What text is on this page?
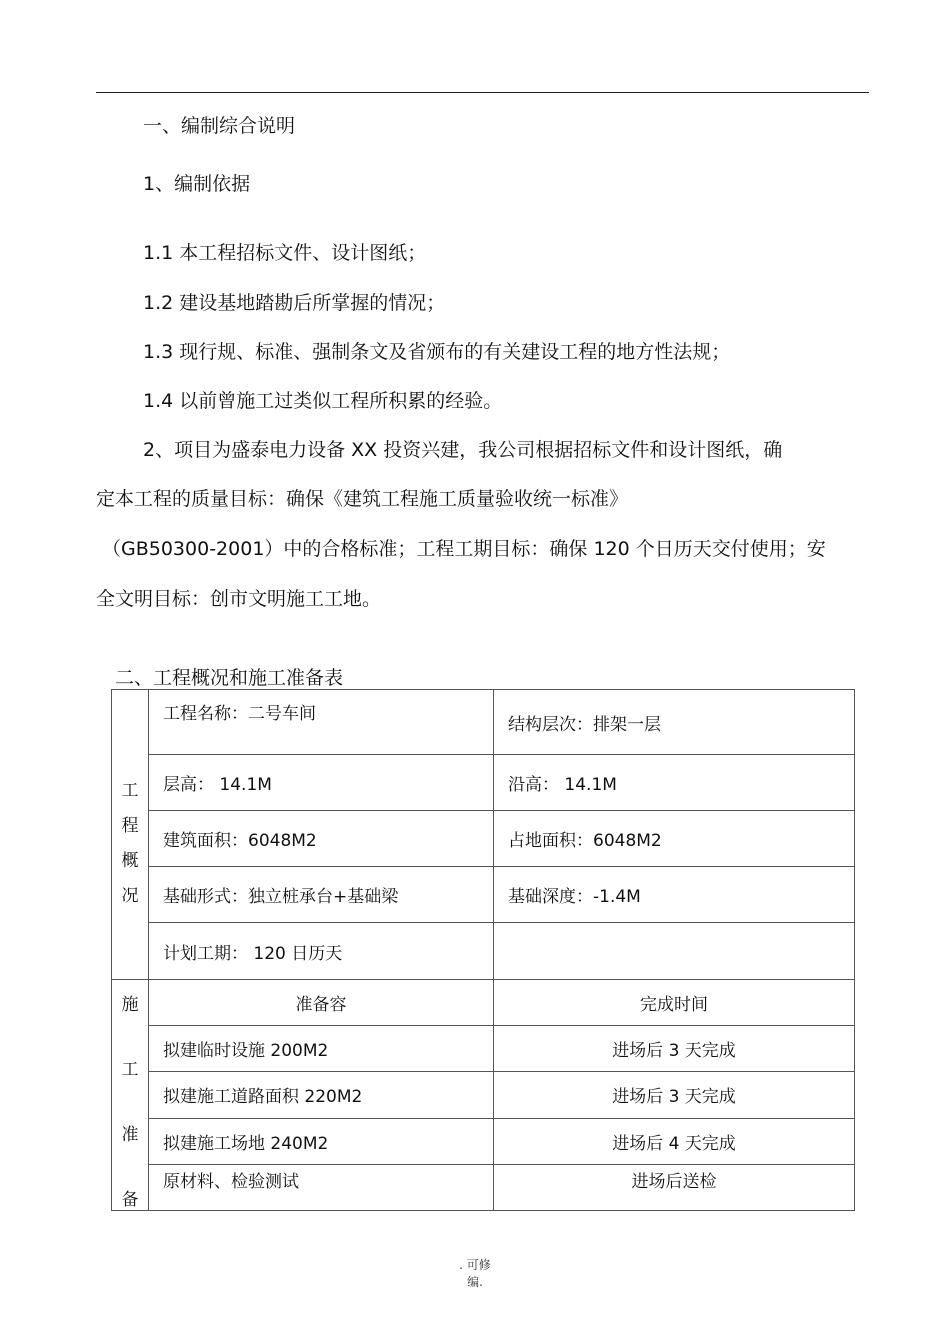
一、编制综合说明
1、编制依据
1.1 本工程招标文件、设计图纸；
1.2 建设基地踏勘后所掌握的情况；
1.3 现行规、标准、强制条文及省颁布的有关建设工程的地方性法规；
1.4 以前曾施工过类似工程所积累的经验。
2、项目为盛泰电力设备 XX 投资兴建，我公司根据招标文件和设计图纸，确
定本工程的质量目标：确保《建筑工程施工质量验收统一标准》
（GB50300-2001）中的合格标准；工程工期目标：确保 120 个日历天交付使用；安
全文明目标：创市文明施工工地。
二、工程概况和施工准备表
工
程
概
况	工程名称：二号车间	结构层次：排架一层
	层高： 14.1M	沿高： 14.1M
	建筑面积：6048M2	占地面积：6048M2
	基础形式：独立桩承台+基础梁	基础深度：-1.4M
	计划工期： 120 日历天	

施
工
准
备	准备容	完成时间
	拟建临时设施 200M2	进场后 3 天完成
	拟建施工道路面积 220M2	进场后 3 天完成
	拟建施工场地 240M2	进场后 4 天完成
	原材料、检验测试	进场后送检
. 可修
编.
